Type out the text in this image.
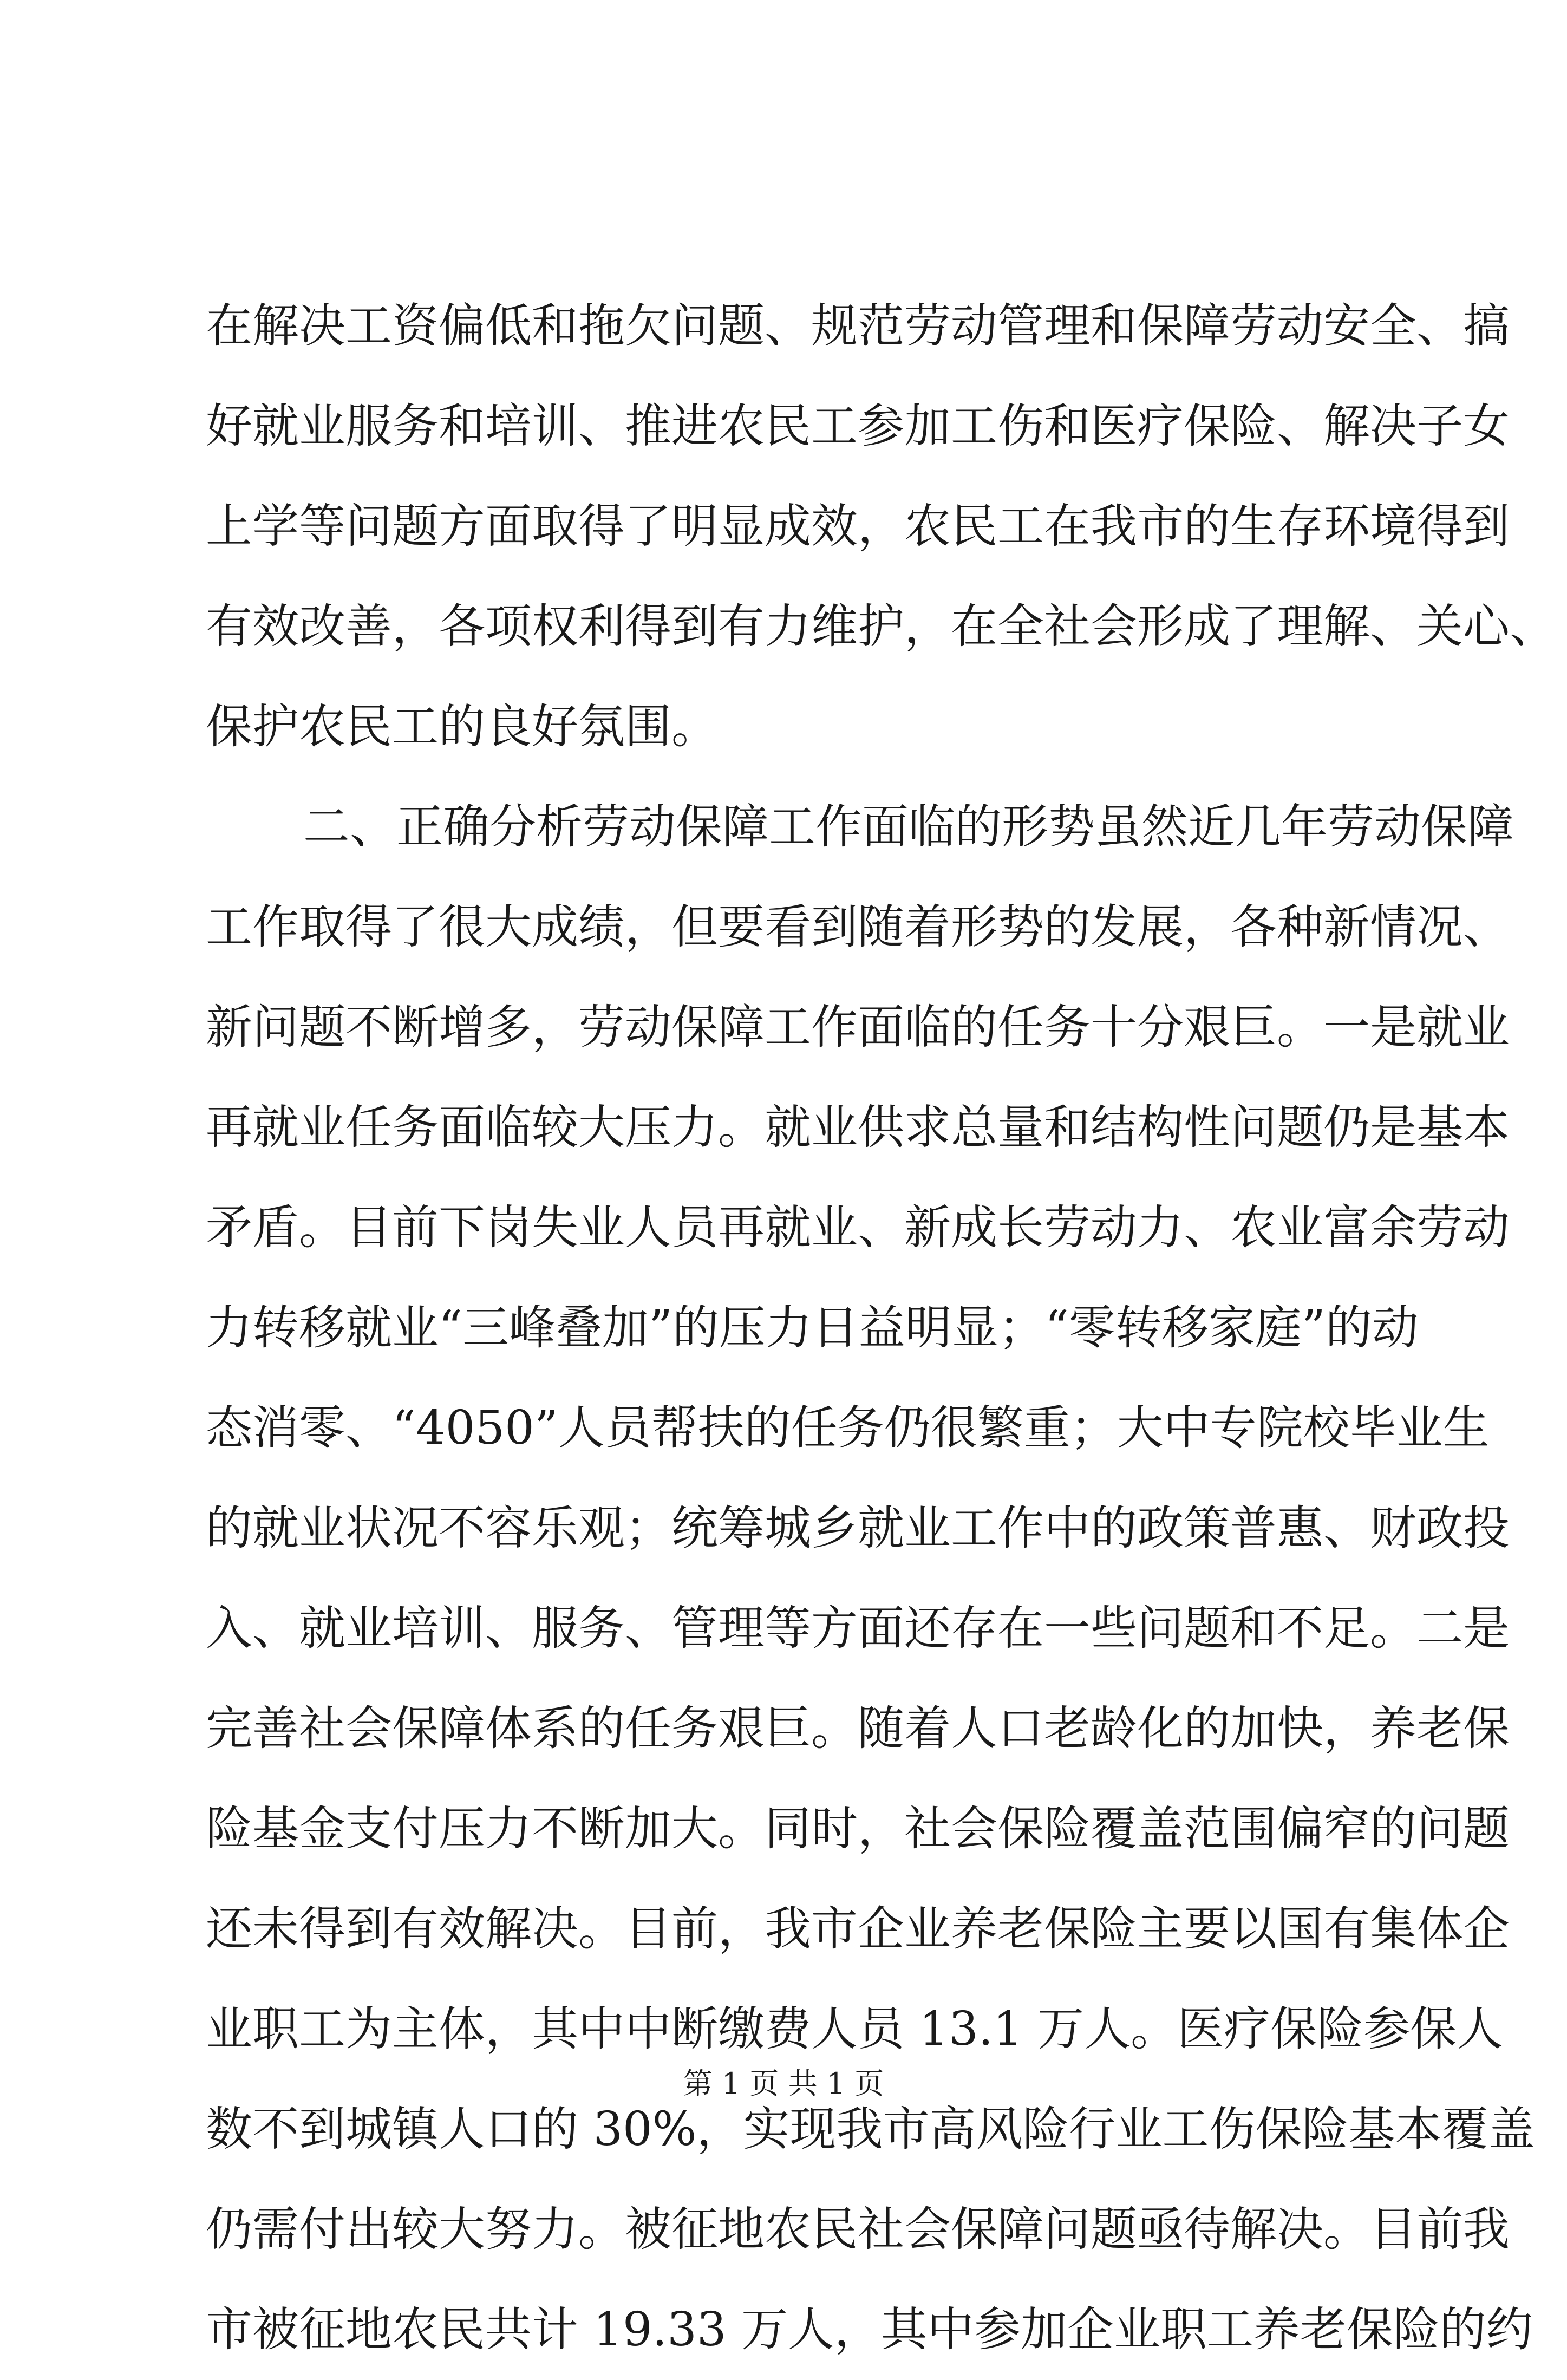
在解决工资偏低和拖欠问题、规范劳动管理和保障劳动安全、搞
好就业服务和培训、推进农民工参加工伤和医疗保险、解决子女
上学等问题方面取得了明显成效，农民工在我市的生存环境得到
有效改善，各项权利得到有力维护，在全社会形成了理解、关心、
保护农民工的良好氛围。
二、正确分析劳动保障工作面临的形势虽然近几年劳动保障
工作取得了很大成绩，但要看到随着形势的发展，各种新情况、
新问题不断增多，劳动保障工作面临的任务十分艰巨。一是就业
再就业任务面临较大压力。就业供求总量和结构性问题仍是基本
矛盾。目前下岗失业人员再就业、新成长劳动力、农业富余劳动
力转移就业“三峰叠加”的压力日益明显；“零转移家庭”的动
态消零、“4050”人员帮扶的任务仍很繁重；大中专院校毕业生
的就业状况不容乐观；统筹城乡就业工作中的政策普惠、财政投
入、就业培训、服务、管理等方面还存在一些问题和不足。二是
完善社会保障体系的任务艰巨。随着人口老龄化的加快，养老保
险基金支付压力不断加大。同时，社会保险覆盖范围偏窄的问题
还未得到有效解决。目前，我市企业养老保险主要以国有集体企
业职工为主体，其中中断缴费人员 13.1 万人。医疗保险参保人
数不到城镇人口的 30%，实现我市高风险行业工伤保险基本覆盖
仍需付出较大努力。被征地农民社会保障问题亟待解决。目前我
市被征地农民共计 19.33 万人，其中参加企业职工养老保险的约
第 1 页 共 1 页
